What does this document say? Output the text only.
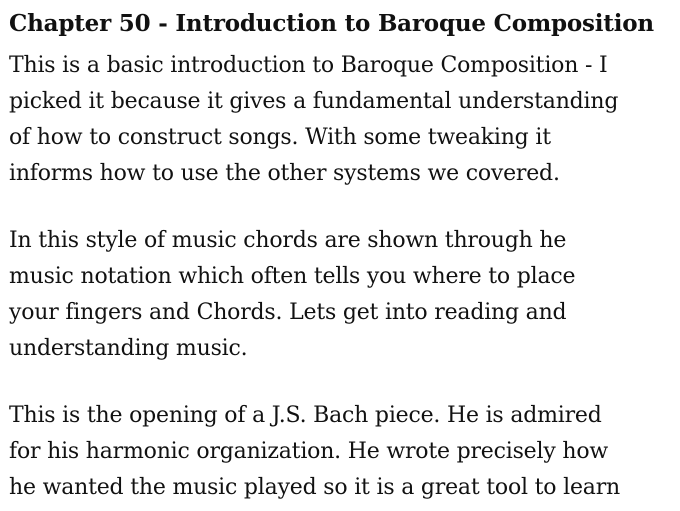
Chapter 50 - Introduction to Baroque Composition

This is a basic introduction to Baroque Composition - I
picked it because it gives a fundamental understanding
of how to construct songs. With some tweaking it
informs how to use the other systems we covered.

In this style of music chords are shown through he
music notation which often tells you where to place
your fingers and Chords. Lets get into reading and
understanding music.

This is the opening of a J.S. Bach piece. He is admired
for his harmonic organization. He wrote precisely how
he wanted the music played so it is a great tool to learn
